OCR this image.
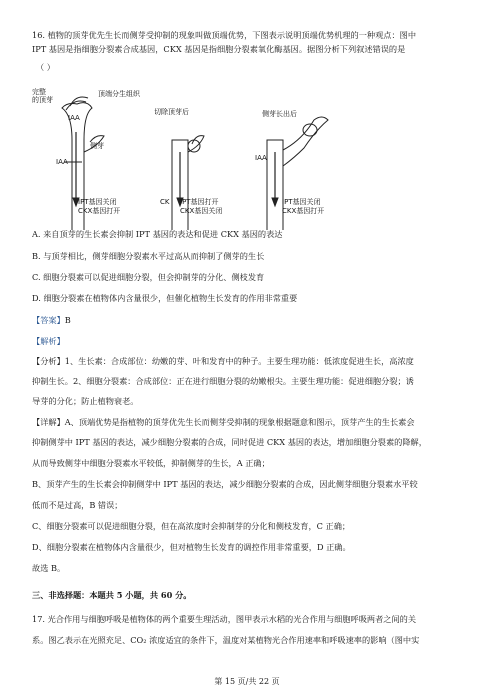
16. 植物的顶芽优先生长而侧芽受抑制的现象叫做顶端优势，下图表示说明顶端优势机理的一种观点：图中
IPT 基因是指细胞分裂素合成基因，CKX 基因是指细胞分裂素氧化酶基因。据图分析下列叙述错误的是
（ ）
完整
的顶芽
顶端分生组织
IAA
侧芽
IAA
IPT基因关闭
CKX基因打开
切除顶芽后
CK IPT基因打开
CKX基因关闭
侧芽长出后
IAA
IPT基因关闭
CKX基因打开
A. 来自顶芽的生长素会抑制 IPT 基因的表达和促进 CKX 基因的表达
B. 与顶芽相比，侧芽细胞分裂素水平过高从而抑制了侧芽的生长
C. 细胞分裂素可以促进细胞分裂，但会抑制芽的分化、侧枝发育
D. 细胞分裂素在植物体内含量很少，但催化植物生长发育的作用非常重要
【答案】B
【解析】
【分析】1、生长素：合成部位：幼嫩的芽、叶和发育中的种子。主要生理功能：低浓度促进生长，高浓度
抑制生长。2、细胞分裂素：合成部位：正在进行细胞分裂的幼嫩根尖。主要生理功能：促进细胞分裂；诱
导芽的分化；防止植物衰老。
【详解】A、顶端优势是指植物的顶芽优先生长而侧芽受抑制的现象根据题意和图示，顶芽产生的生长素会
抑制侧芽中 IPT 基因的表达，减少细胞分裂素的合成，同时促进 CKX 基因的表达，增加细胞分裂素的降解，
从而导致侧芽中细胞分裂素水平较低，抑制侧芽的生长，A 正确；
B、顶芽产生的生长素会抑制侧芽中 IPT 基因的表达，减少细胞分裂素的合成，因此侧芽细胞分裂素水平较
低而不是过高，B 错误；
C、细胞分裂素可以促进细胞分裂，但在高浓度时会抑制芽的分化和侧枝发育，C 正确；
D、细胞分裂素在植物体内含量很少，但对植物生长发育的调控作用非常重要，D 正确。
故选 B。
三、非选择题：本题共 5 小题，共 60 分。
17. 光合作用与细胞呼吸是植物体的两个重要生理活动，图甲表示水稻的光合作用与细胞呼吸两者之间的关
系。图乙表示在光照充足、CO₂ 浓度适宜的条件下，温度对某植物光合作用速率和呼吸速率的影响（图中实
第 15 页/共 22 页
